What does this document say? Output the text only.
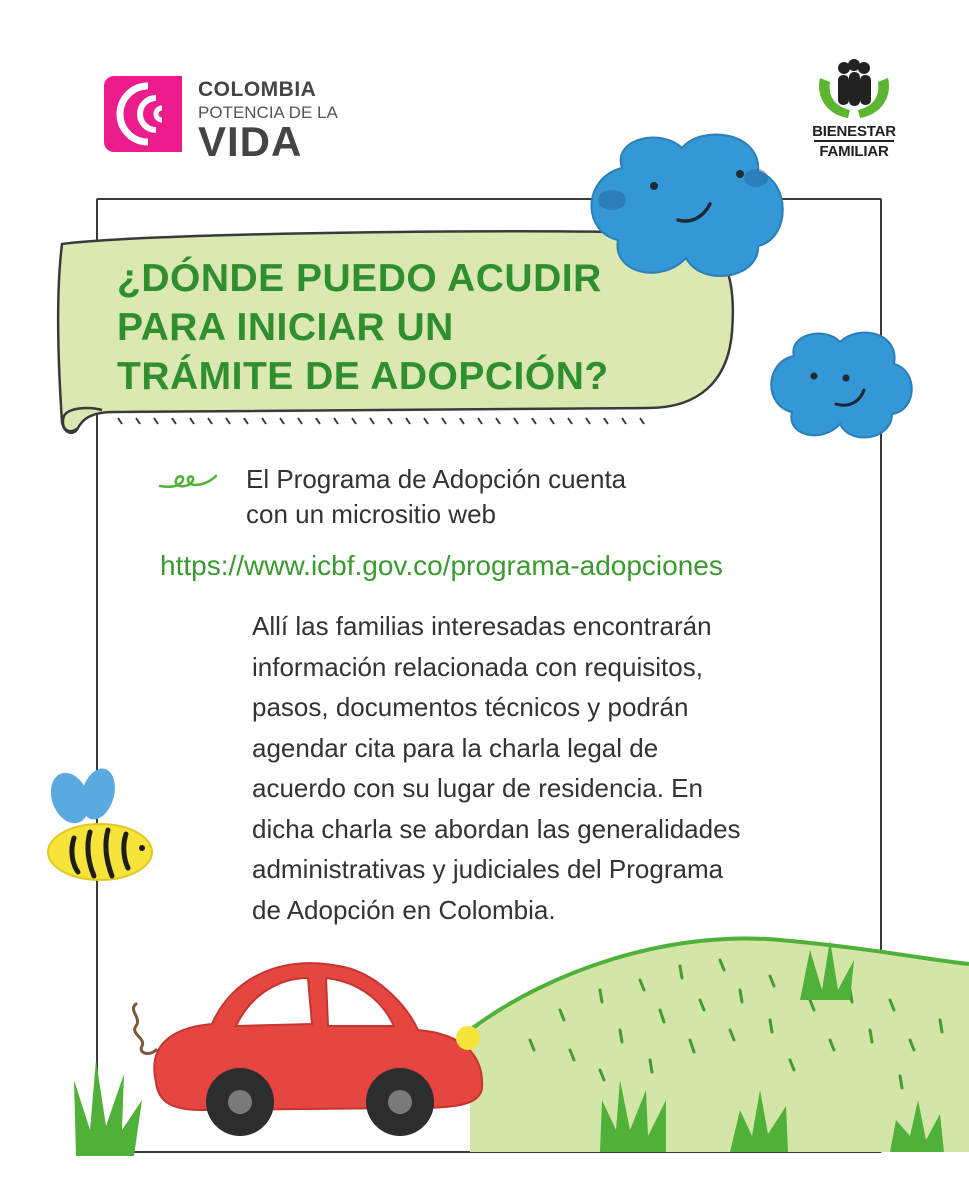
COLOMBIA
POTENCIA DE LA
VIDA	BIENESTAR
FAMILIAR
¿DÓNDE PUEDO ACUDIR
PARA INICIAR UN
TRÁMITE DE ADOPCIÓN?
El Programa de Adopción cuenta
con un micrositio web
https://www.icbf.gov.co/programa-adopciones
Allí las familias interesadas encontrarán
información relacionada con requisitos,
pasos, documentos técnicos y podrán
agendar cita para la charla legal de
acuerdo con su lugar de residencia. En
dicha charla se abordan las generalidades
administrativas y judiciales del Programa
de Adopción en Colombia.
